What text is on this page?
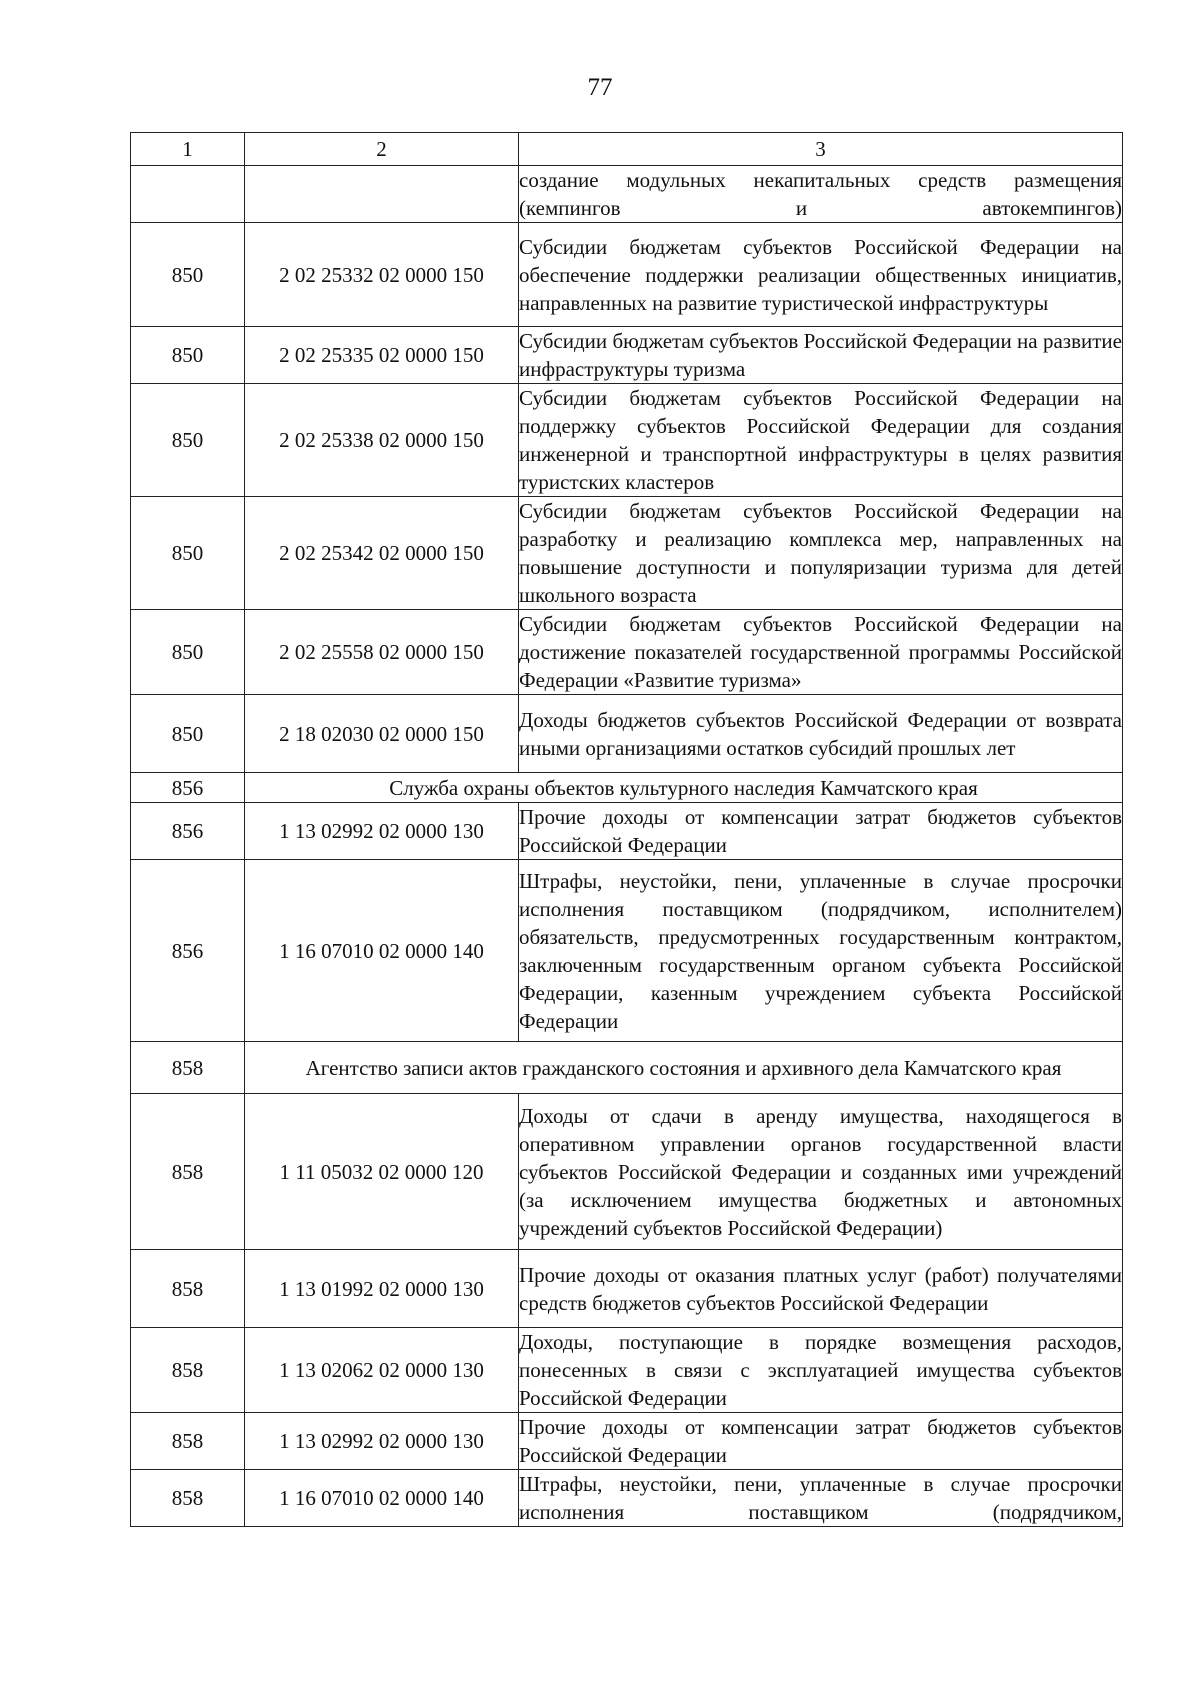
77
1	2	3
		создание модульных некапитальных средств размещения (кемпингов и автокемпингов)
850	2 02 25332 02 0000 150	Субсидии бюджетам субъектов Российской Федерации на обеспечение поддержки реализации общественных инициатив, направленных на развитие туристической инфраструктуры
850	2 02 25335 02 0000 150	Субсидии бюджетам субъектов Российской Федерации на развитие инфраструктуры туризма
850	2 02 25338 02 0000 150	Субсидии бюджетам субъектов Российской Федерации на поддержку субъектов Российской Федерации для создания инженерной и транспортной инфраструктуры в целях развития туристских кластеров
850	2 02 25342 02 0000 150	Субсидии бюджетам субъектов Российской Федерации на разработку и реализацию комплекса мер, направленных на повышение доступности и популяризации туризма для детей школьного возраста
850	2 02 25558 02 0000 150	Субсидии бюджетам субъектов Российской Федерации на достижение показателей государственной программы Российской Федерации «Развитие туризма»
850	2 18 02030 02 0000 150	Доходы бюджетов субъектов Российской Федерации от возврата иными организациями остатков субсидий прошлых лет
856	Служба охраны объектов культурного наследия Камчатского края	
856	1 13 02992 02 0000 130	Прочие доходы от компенсации затрат бюджетов субъектов Российской Федерации
856	1 16 07010 02 0000 140	Штрафы, неустойки, пени, уплаченные в случае просрочки исполнения поставщиком (подрядчиком, исполнителем) обязательств, предусмотренных государственным контрактом, заключенным государственным органом субъекта Российской Федерации, казенным учреждением субъекта Российской Федерации
858	Агентство записи актов гражданского состояния и архивного дела Камчатского края	
858	1 11 05032 02 0000 120	Доходы от сдачи в аренду имущества, находящегося в оперативном управлении органов государственной власти субъектов Российской Федерации и созданных ими учреждений (за исключением имущества бюджетных и автономных учреждений субъектов Российской Федерации)
858	1 13 01992 02 0000 130	Прочие доходы от оказания платных услуг (работ) получателями средств бюджетов субъектов Российской Федерации
858	1 13 02062 02 0000 130	Доходы, поступающие в порядке возмещения расходов, понесенных в связи с эксплуатацией имущества субъектов Российской Федерации
858	1 13 02992 02 0000 130	Прочие доходы от компенсации затрат бюджетов субъектов Российской Федерации
858	1 16 07010 02 0000 140	Штрафы, неустойки, пени, уплаченные в случае просрочки исполнения поставщиком (подрядчиком,
